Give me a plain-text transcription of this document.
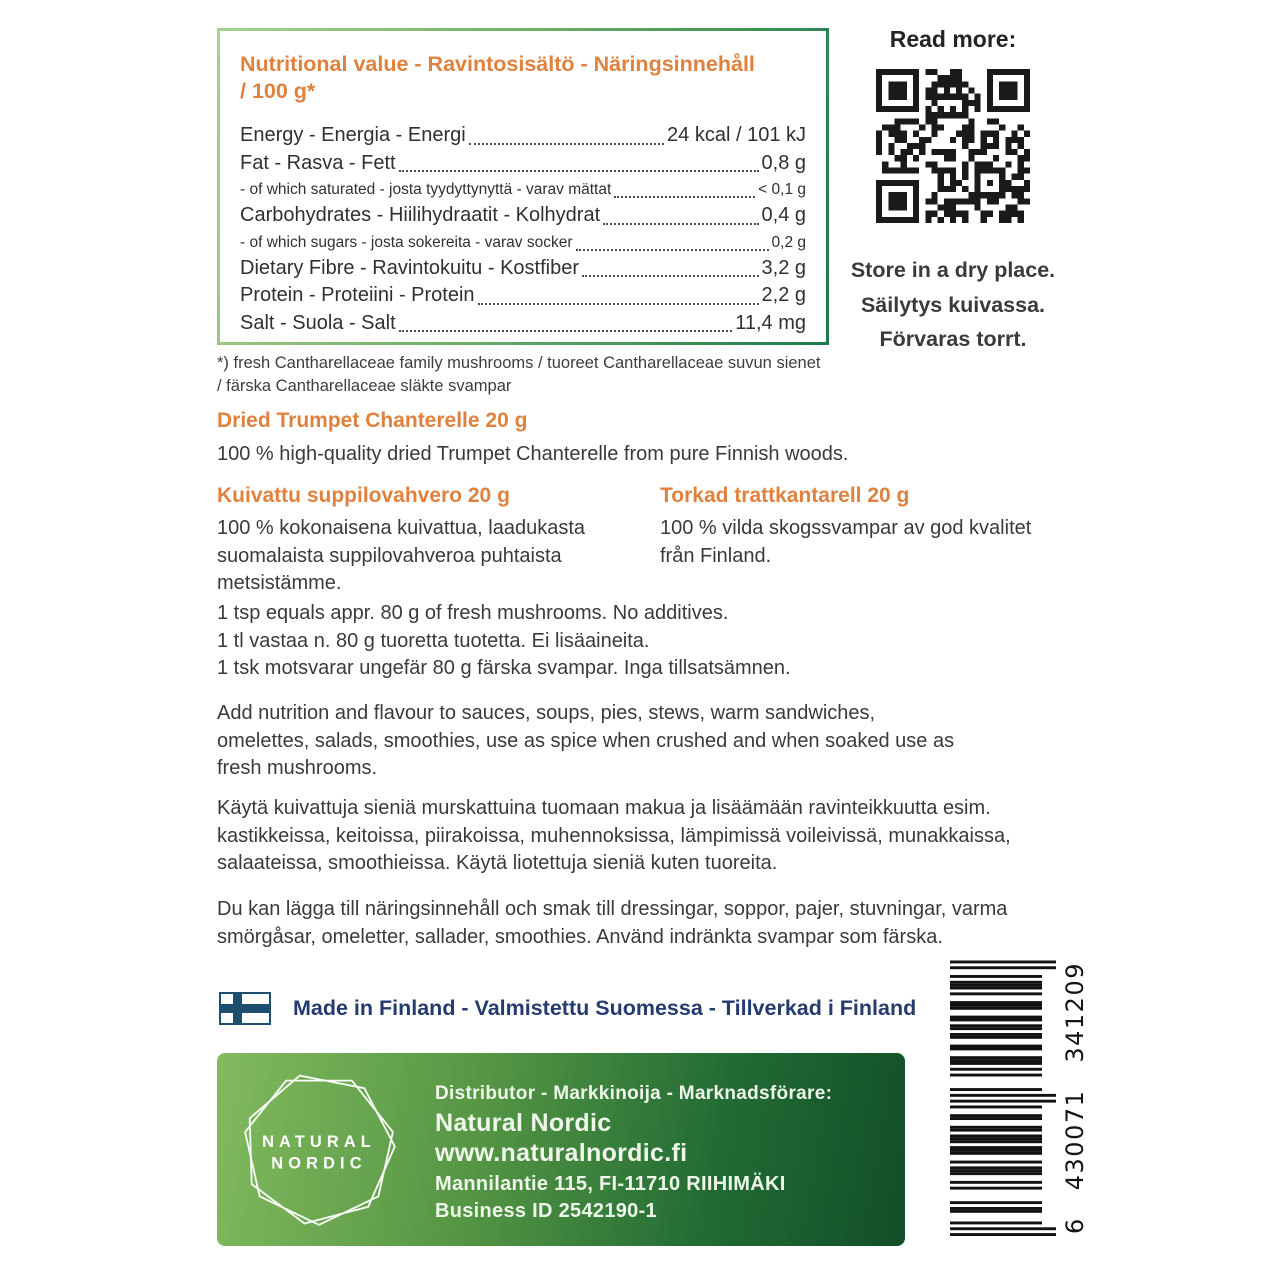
Nutritional value - Ravintosisältö - Näringsinnehåll
/ 100 g*
Energy - Energia - Energi	24 kcal / 101 kJ
Fat - Rasva - Fett	0,8 g
- of which saturated - josta tyydyttynyttä - varav mättat	< 0,1 g
Carbohydrates - Hiilihydraatit - Kolhydrat	0,4 g
- of which sugars - josta sokereita - varav socker	0,2 g
Dietary Fibre - Ravintokuitu - Kostfiber	3,2 g
Protein - Proteiini - Protein	2,2 g
Salt - Suola - Salt	11,4 mg
Read more:
Store in a dry place.
Säilytys kuivassa.
Förvaras torrt.
*) fresh Cantharellaceae family mushrooms / tuoreet Cantharellaceae suvun sienet
/ färska Cantharellaceae släkte svampar
Dried Trumpet Chanterelle 20 g
100 % high-quality dried Trumpet Chanterelle from pure Finnish woods.
Kuivattu suppilovahvero 20 g
100 % kokonaisena kuivattua, laadukasta
suomalaista suppilovahveroa puhtaista
metsistämme.
Torkad trattkantarell 20 g
100 % vilda skogssvampar av god kvalitet
från Finland.
1 tsp equals appr. 80 g of fresh mushrooms. No additives.
1 tl vastaa n. 80 g tuoretta tuotetta. Ei lisäaineita.
1 tsk motsvarar ungefär 80 g färska svampar. Inga tillsatsämnen.
Add nutrition and flavour to sauces, soups, pies, stews, warm sandwiches,
omelettes, salads, smoothies, use as spice when crushed and when soaked use as
fresh mushrooms.
Käytä kuivattuja sieniä murskattuina tuomaan makua ja lisäämään ravinteikkuutta esim.
kastikkeissa, keitoissa, piirakoissa, muhennoksissa, lämpimissä voileivissä, munakkaissa,
salaateissa, smoothieissa. Käytä liotettuja sieniä kuten tuoreita.
Du kan lägga till näringsinnehåll och smak till dressingar, soppor, pajer, stuvningar, varma
smörgåsar, omeletter, sallader, smoothies. Använd indränkta svampar som färska.
Made in Finland - Valmistettu Suomessa - Tillverkad i Finland
NATURAL
NORDIC
Distributor - Markkinoija - Marknadsförare:
Natural Nordic
www.naturalnordic.fi
Mannilantie 115, FI-11710 RIIHIMÄKI
Business ID 2542190-1
6
430071
341209
